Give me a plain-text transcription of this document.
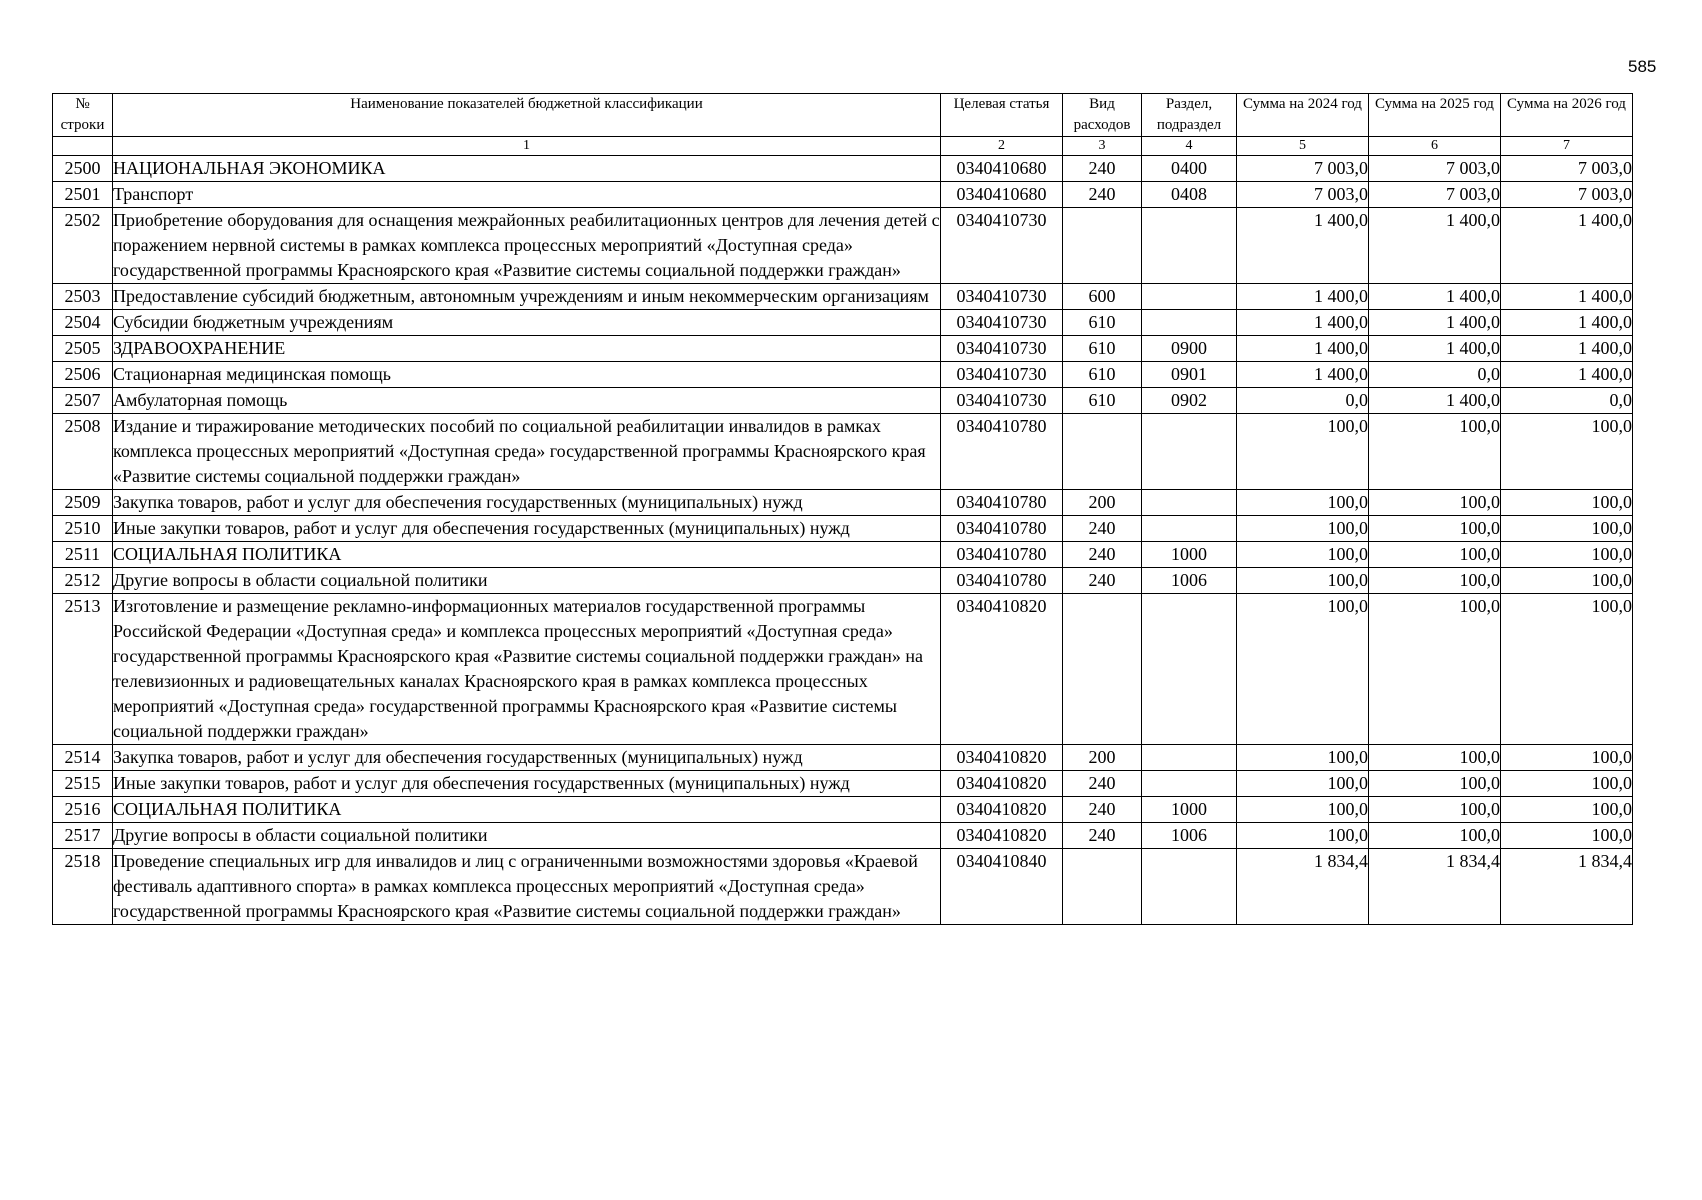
585
№ строки	Наименование показателей бюджетной классификации	Целевая статья	Вид расходов	Раздел, подраздел	Сумма на 2024 год	Сумма на 2025 год	Сумма на 2026 год
	1	2	3	4	5	6	7
2500	НАЦИОНАЛЬНАЯ ЭКОНОМИКА	0340410680	240	0400	7 003,0	7 003,0	7 003,0
2501	Транспорт	0340410680	240	0408	7 003,0	7 003,0	7 003,0
2502	Приобретение оборудования для оснащения межрайонных реабилитационных центров для лечения детей с поражением нервной системы в рамках комплекса процессных мероприятий «Доступная среда» государственной программы Красноярского края «Развитие системы социальной поддержки граждан»	0340410730			1 400,0	1 400,0	1 400,0
2503	Предоставление субсидий бюджетным, автономным учреждениям и иным некоммерческим организациям	0340410730	600		1 400,0	1 400,0	1 400,0
2504	Субсидии бюджетным учреждениям	0340410730	610		1 400,0	1 400,0	1 400,0
2505	ЗДРАВООХРАНЕНИЕ	0340410730	610	0900	1 400,0	1 400,0	1 400,0
2506	Стационарная медицинская помощь	0340410730	610	0901	1 400,0	0,0	1 400,0
2507	Амбулаторная помощь	0340410730	610	0902	0,0	1 400,0	0,0
2508	Издание и тиражирование методических пособий по социальной реабилитации инвалидов в рамках комплекса процессных мероприятий «Доступная среда» государственной программы Красноярского края «Развитие системы социальной поддержки граждан»	0340410780			100,0	100,0	100,0
2509	Закупка товаров, работ и услуг для обеспечения государственных (муниципальных) нужд	0340410780	200		100,0	100,0	100,0
2510	Иные закупки товаров, работ и услуг для обеспечения государственных (муниципальных) нужд	0340410780	240		100,0	100,0	100,0
2511	СОЦИАЛЬНАЯ ПОЛИТИКА	0340410780	240	1000	100,0	100,0	100,0
2512	Другие вопросы в области социальной политики	0340410780	240	1006	100,0	100,0	100,0
2513	Изготовление и размещение рекламно-информационных материалов государственной программы Российской Федерации «Доступная среда» и комплекса процессных мероприятий «Доступная среда» государственной программы Красноярского края «Развитие системы социальной поддержки граждан» на телевизионных и радиовещательных каналах Красноярского края в рамках комплекса процессных мероприятий «Доступная среда» государственной программы Красноярского края «Развитие системы социальной поддержки граждан»	0340410820			100,0	100,0	100,0
2514	Закупка товаров, работ и услуг для обеспечения государственных (муниципальных) нужд	0340410820	200		100,0	100,0	100,0
2515	Иные закупки товаров, работ и услуг для обеспечения государственных (муниципальных) нужд	0340410820	240		100,0	100,0	100,0
2516	СОЦИАЛЬНАЯ ПОЛИТИКА	0340410820	240	1000	100,0	100,0	100,0
2517	Другие вопросы в области социальной политики	0340410820	240	1006	100,0	100,0	100,0
2518	Проведение специальных игр для инвалидов и лиц с ограниченными возможностями здоровья «Краевой фестиваль адаптивного спорта» в рамках комплекса процессных мероприятий «Доступная среда» государственной программы Красноярского края «Развитие системы социальной поддержки граждан»	0340410840			1 834,4	1 834,4	1 834,4
